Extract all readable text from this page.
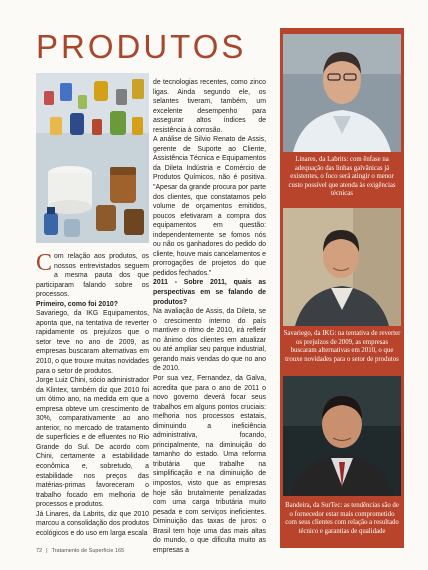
PRODUTOS

Com relação aos produtos, os nossos entrevistados seguem a mesma pauta dos que participaram falando sobre os processos.

Primeiro, como foi 2010?

Savariego, da IKG Equipamentos, aponta que, na tentativa de reverter rapidamente os prejuízos que o setor teve no ano de 2009, as empresas buscaram alternativas em 2010, o que trouxe muitas novidades para o setor de produtos.

Jorge Luiz Chini, sócio administrador da Klintex, também diz que 2010 foi um ótimo ano, na medida em que a empresa obteve um crescimento de 30%, comparativamente ao ano anterior, no mercado de tratamento de superfícies e de efluentes no Rio Grande do Sul. De acordo com Chini, certamente a estabilidade econômica e, sobretudo, a estabilidade nos preços das matérias-primas favoreceram o trabalho focado em melhoria de processos e produtos.

Já Linares, da Labrits, diz que 2010 marcou a consolidação dos produtos ecológicos e do uso em larga escala

de tecnologias recentes, como zinco ligas. Ainda segundo ele, os selantes tiveram, também, um excelente desempenho para assegurar altos índices de resistência à corrosão.

A análise de Silvio Renato de Assis, gerente de Suporte ao Cliente, Assistência Técnica e Equipamentos da Dileta Indústria e Comércio de Produtos Químicos, não é positiva. "Apesar da grande procura por parte dos clientes, que constatamos pelo volume de orçamentos emitidos, poucos efetivaram a compra dos equipamentos em questão: independentemente se fomos nós ou não os ganhadores do pedido do cliente, houve mais cancelamentos e prorrogações de projetos do que pedidos fechados."

2011 - Sobre 2011, quais as perspectivas em se falando de produtos?

Na avaliação de Assis, da Dileta, se o crescimento interno do país mantiver o ritmo de 2010, irá refletir no ânimo dos clientes em atualizar ou até ampliar seu parque industrial, gerando mais vendas do que no ano de 2010.

Por sua vez, Fernandez, da Galva, acredita que para o ano de 2011 o novo governo deverá focar seus trabalhos em alguns pontos cruciais: melhoria nos processos estatais, diminuindo a ineficiência administrativa, focando, principalmente, na diminuição do tamanho do estado. Uma reforma tributária que trabalhe na simplificação e na diminuição de impostos, visto que as empresas hoje são brutalmente penalizadas com uma carga tributária muito pesada e com serviços ineficientes. Diminuição das taxas de juros: o Brasil tem hoje uma das mais altas do mundo, o que dificulta muito as empresas a

Linares, da Labrits: com ênfase na adequação das linhas galvânicas já existentes, o foco será atingir o menor custo possível que atenda às exigências técnicas
Savariego, da IKG: na tentativa de reverter os prejuízos de 2009, as empresas buscaram alternativas em 2010, o que trouxe novidades para o setor de produtos
Bandeira, da SurTec: as tendências são de o fornecedor estar mais comprometido com seus clientes com relação a resultado técnico e garantias de qualidade
72 | Tratamento de Superfície 165
